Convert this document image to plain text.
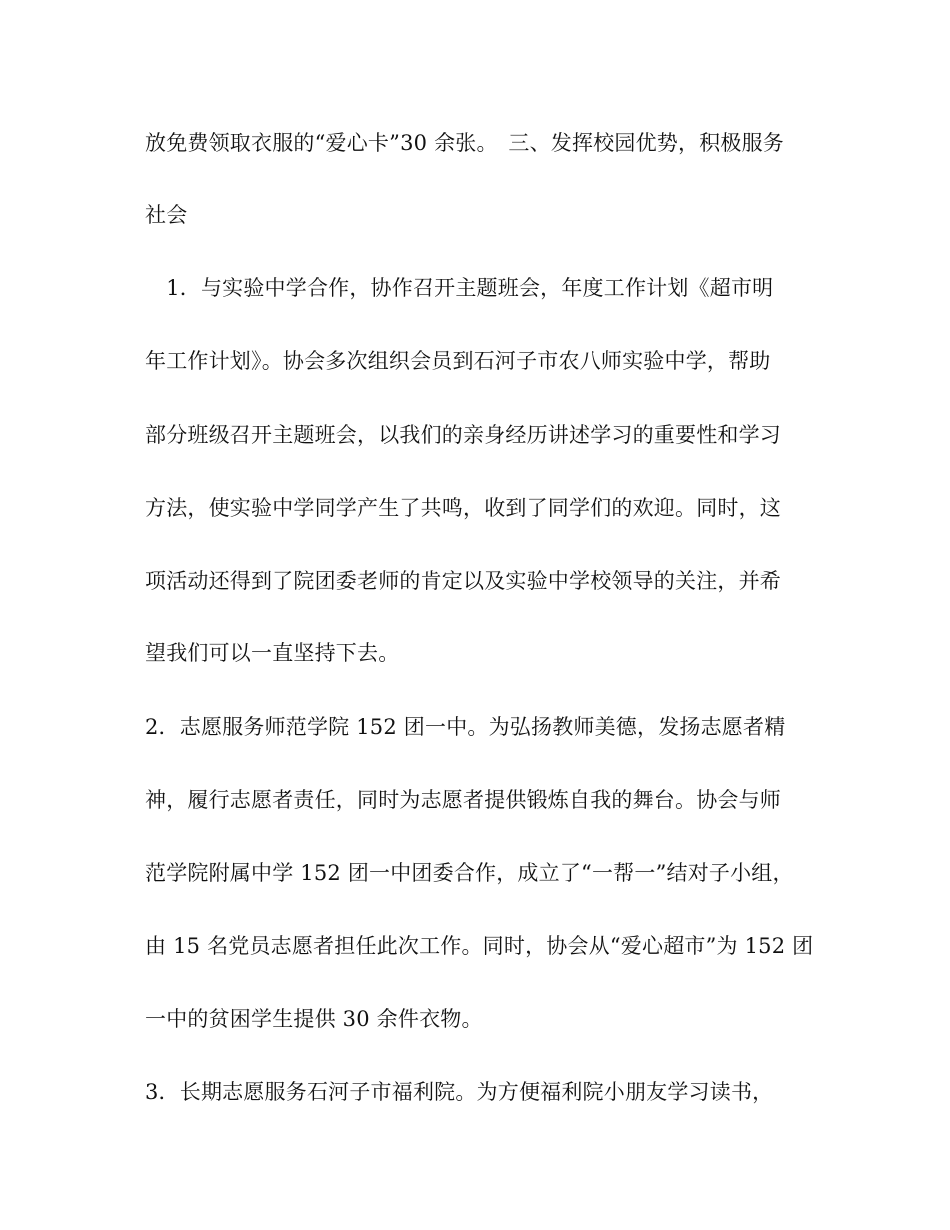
放免费领取衣服的“爱心卡”30 余张。　三、发挥校园优势，积极服务
社会
　1．与实验中学合作，协作召开主题班会，年度工作计划《超市明
年工作计划》。协会多次组织会员到石河子市农八师实验中学，帮助
部分班级召开主题班会，以我们的亲身经历讲述学习的重要性和学习
方法，使实验中学同学产生了共鸣，收到了同学们的欢迎。同时，这
项活动还得到了院团委老师的肯定以及实验中学校领导的关注，并希
望我们可以一直坚持下去。
2．志愿服务师范学院 152 团一中。为弘扬教师美德，发扬志愿者精
神，履行志愿者责任，同时为志愿者提供锻炼自我的舞台。协会与师
范学院附属中学 152 团一中团委合作，成立了“一帮一”结对子小组，
由 15 名党员志愿者担任此次工作。同时，协会从“爱心超市”为 152 团
一中的贫困学生提供 30 余件衣物。
3．长期志愿服务石河子市福利院。为方便福利院小朋友学习读书，
